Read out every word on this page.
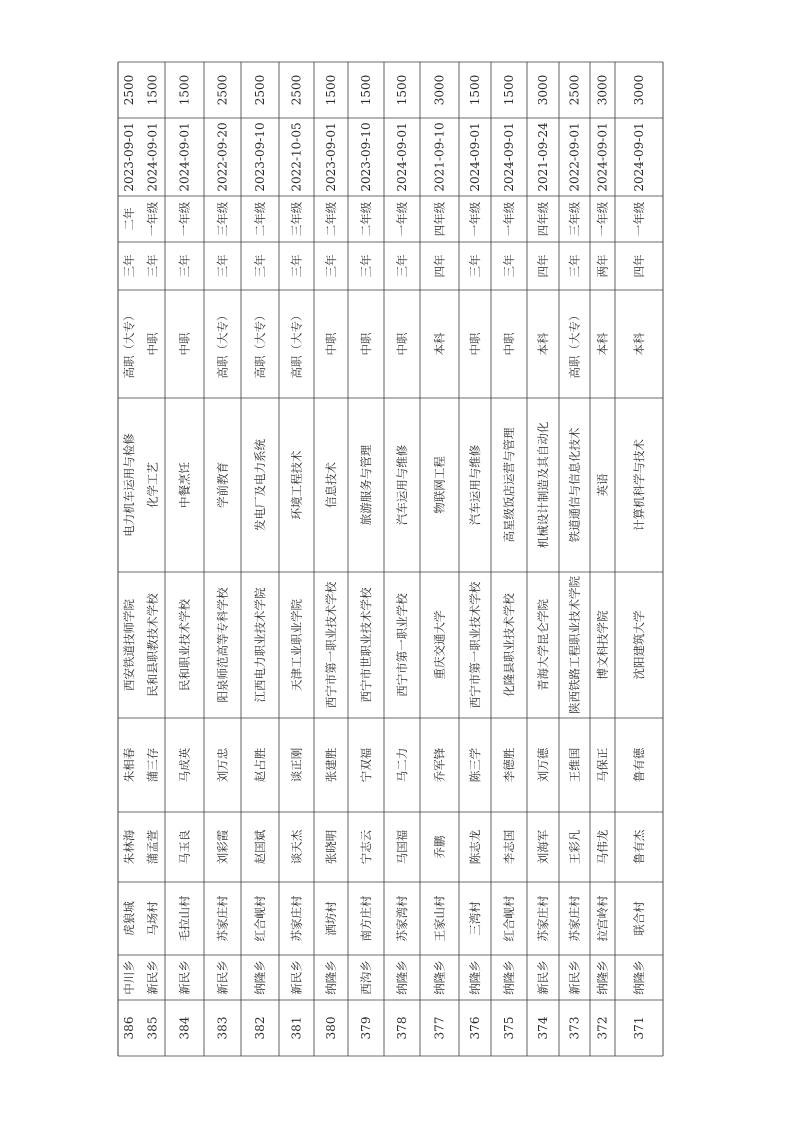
371
纳隆乡
联合村
鲁有杰
鲁有德
沈阳建筑大学
计算机科学与技术
本科
四年
一年级
2024-09-01
3000
372
纳隆乡
拉宫岭村
马伟龙
马保正
博文科技学院
英语
本科
两年
一年级
2024-09-01
3000
373
新民乡
苏家庄村
王彩凡
王维国
陕西铁路工程职业技术学院
铁道通信与信息化技术
高职（大专）
三年
三年级
2022-09-01
2500
374
新民乡
苏家庄村
刘海军
刘万德
青海大学昆仑学院
机械设计制造及其自动化
本科
四年
四年级
2021-09-24
3000
375
纳隆乡
红合岘村
李志国
李德胜
化隆县职业技术学校
高星级饭店运营与管理
中职
三年
一年级
2024-09-01
1500
376
纳隆乡
三湾村
陈志龙
陈三学
西宁市第一职业技术学校
汽车运用与维修
中职
三年
一年级
2024-09-01
1500
377
纳隆乡
王家山村
乔鹏
乔军锋
重庆交通大学
物联网工程
本科
四年
四年级
2021-09-10
3000
378
纳隆乡
苏家湾村
马国福
马二力
西宁市第一职业学校
汽车运用与维修
中职
三年
一年级
2024-09-01
1500
379
西沟乡
南方庄村
宁志云
宁双福
西宁市世职业技术学校
旅游服务与管理
中职
三年
二年级
2023-09-10
1500
380
纳隆乡
洒坊村
张晓明
张建胜
西宁市第一职业技术学校
信息技术
中职
三年
二年级
2023-09-01
1500
381
新民乡
苏家庄村
谈天杰
谈正刚
天津工业职业学院
环境工程技术
高职（大专）
三年
三年级
2022-10-05
2500
382
纳隆乡
红合岘村
赵国斌
赵占胜
江西电力职业技术学院
发电厂及电力系统
高职（大专）
三年
二年级
2023-09-10
2500
383
新民乡
苏家庄村
刘彩霞
刘万忠
阳泉师范高等专科学校
学前教育
高职（大专）
三年
三年级
2022-09-20
2500
384
新民乡
毛拉山村
马玉良
马成英
民和职业技术学校
中餐烹饪
中职
三年
一年级
2024-09-01
1500
385
新民乡
马场村
蒲孟萱
蒲三存
民和县职教技术学校
化学工艺
中职
三年
一年级
2024-09-01
1500
386
中川乡
虎狼城
朱林海
朱相春
西安铁道技师学院
电力机车运用与检修
高职（大专）
三年
二年
2023-09-01
2500
